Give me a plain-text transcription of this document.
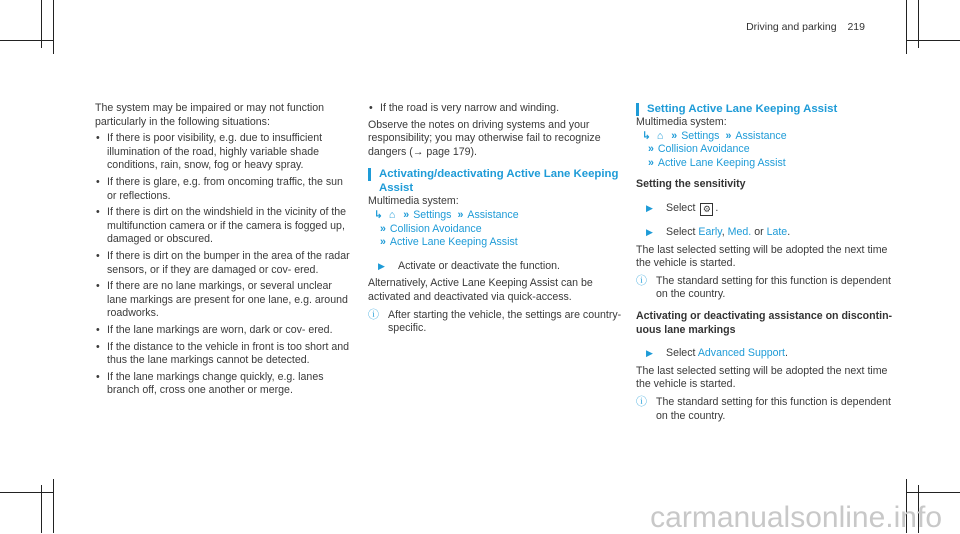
Driving and parking 219

The system may be impaired or may not function particularly in the following situations:

• If there is poor visibility, e.g. due to insufficient illumination of the road, highly variable shade conditions, rain, snow, fog or heavy spray.
• If there is glare, e.g. from oncoming traffic, the sun or reflections.
• If there is dirt on the windshield in the vicinity of the multifunction camera or if the camera is fogged up, damaged or obscured.
• If there is dirt on the bumper in the area of the radar sensors, or if they are damaged or cov- ered.
• If there are no lane markings, or several unclear lane markings are present for one lane, e.g. around roadworks.
• If the lane markings are worn, dark or cov- ered.
• If the distance to the vehicle in front is too short and thus the lane markings cannot be detected.
• If the lane markings change quickly, e.g. lanes branch off, cross one another or merge.
• If the road is very narrow and winding.

Observe the notes on driving systems and your responsibility; you may otherwise fail to recognize dangers (→ page 179).

Activating/deactivating Active Lane Keeping Assist

Multimedia system:

↳ ⌂ » Settings » Assistance
» Collision Avoidance
» Active Lane Keeping Assist
▶ Activate or deactivate the function.

Alternatively, Active Lane Keeping Assist can be activated and deactivated via quick-access.

ⓘ After starting the vehicle, the settings are country-specific.
Setting Active Lane Keeping Assist

Multimedia system:

↳ ⌂ » Settings » Assistance
» Collision Avoidance
» Active Lane Keeping Assist
Setting the sensitivity
▶ Select ⚙ .
▶ Select Early, Med. or Late.

The last selected setting will be adopted the next time the vehicle is started.

ⓘ The standard setting for this function is dependent on the country.
Activating or deactivating assistance on discontin- uous lane markings
▶ Select Advanced Support.

The last selected setting will be adopted the next time the vehicle is started.

ⓘ The standard setting for this function is dependent on the country.
carmanualsonline.info
